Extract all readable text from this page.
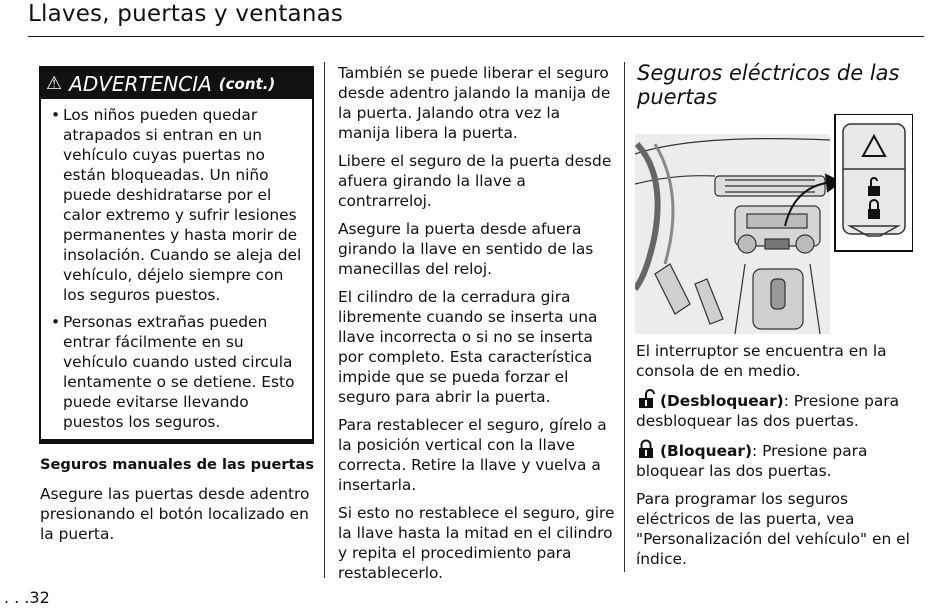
Llaves, puertas y ventanas
⚠ ADVERTENCIA (cont.)
• Los niños pueden quedar atrapados si entran en un vehículo cuyas puertas no están bloqueadas. Un niño puede deshidratarse por el calor extremo y sufrir lesiones permanentes y hasta morir de insolación. Cuando se aleja del vehículo, déjelo siempre con los seguros puestos.
• Personas extrañas pueden entrar fácilmente en su vehículo cuando usted circula lentamente o se detiene. Esto puede evitarse llevando puestos los seguros.
Seguros manuales de las puertas

Asegure las puertas desde adentro presionando el botón localizado en la puerta.

También se puede liberar el seguro desde adentro jalando la manija de la puerta. Jalando otra vez la manija libera la puerta.

Libere el seguro de la puerta desde afuera girando la llave a contrarreloj.

Asegure la puerta desde afuera girando la llave en sentido de las manecillas del reloj.

El cilindro de la cerradura gira libremente cuando se inserta una llave incorrecta o si no se inserta por completo. Esta característica impide que se pueda forzar el seguro para abrir la puerta.

Para restablecer el seguro, gírelo a la posición vertical con la llave correcta. Retire la llave y vuelva a insertarla.

Si esto no restablece el seguro, gire la llave hasta la mitad en el cilindro y repita el procedimiento para restablecerlo.

Seguros eléctricos de las puertas

El interruptor se encuentra en la consola de en medio.

(Desbloquear): Presione para desbloquear las dos puertas.

(Bloquear): Presione para bloquear las dos puertas.

Para programar los seguros eléctricos de las puerta, vea "Personalización del vehículo" en el índice.

. . .32
